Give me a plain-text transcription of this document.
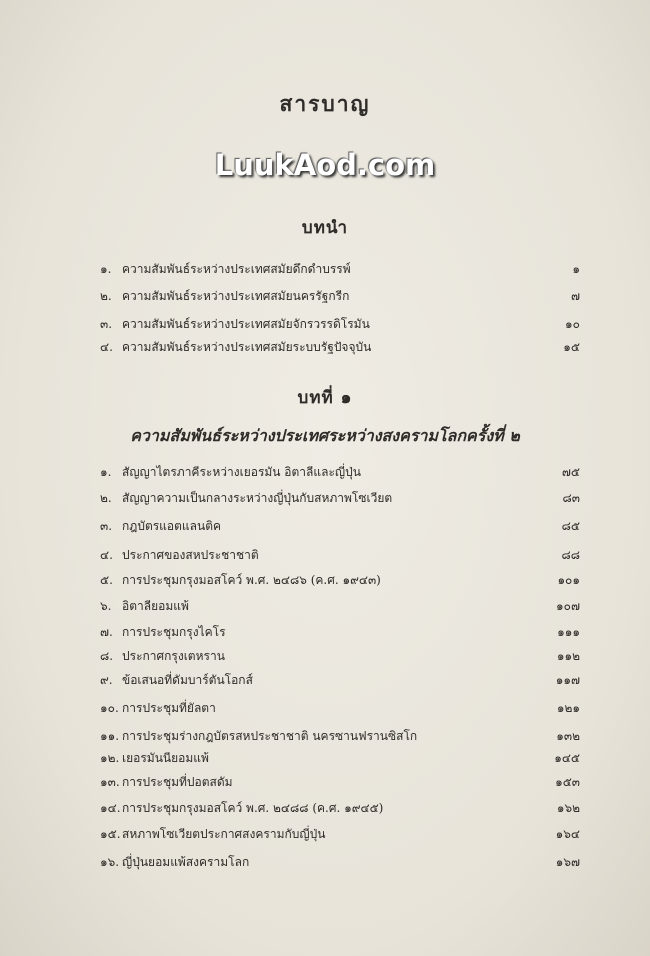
สารบาญ
LuukAod.com
บทนำ
๑. ความสัมพันธ์ระหว่างประเทศสมัยดึกดำบรรพ์	๑
๒. ความสัมพันธ์ระหว่างประเทศสมัยนครรัฐกรีก	๗
๓. ความสัมพันธ์ระหว่างประเทศสมัยจักรวรรดิโรมัน	๑๐
๔. ความสัมพันธ์ระหว่างประเทศสมัยระบบรัฐปัจจุบัน	๑๕
บทที่ ๑
ความสัมพันธ์ระหว่างประเทศระหว่างสงครามโลกครั้งที่ ๒
๑. สัญญาไตรภาคีระหว่างเยอรมัน อิตาลีและญี่ปุ่น	๗๕
๒. สัญญาความเป็นกลางระหว่างญี่ปุ่นกับสหภาพโซเวียต	๘๓
๓. กฎบัตรแอตแลนติค	๘๕
๔. ประกาศของสหประชาชาติ	๘๘
๕. การประชุมกรุงมอสโคว์ พ.ศ. ๒๔๘๖ (ค.ศ. ๑๙๔๓)	๑๐๑
๖. อิตาลียอมแพ้	๑๐๗
๗. การประชุมกรุงไคโร	๑๑๑
๘. ประกาศกรุงเตหราน	๑๑๒
๙. ข้อเสนอที่ดัมบาร์ตันโอกส์	๑๑๗
๑๐. การประชุมที่ยัลตา	๑๒๑
๑๑. การประชุมร่างกฎบัตรสหประชาชาติ นครซานฟรานซิสโก	๑๓๒
๑๒. เยอรมันนียอมแพ้	๑๔๕
๑๓. การประชุมที่ปอตสดัม	๑๕๓
๑๔. การประชุมกรุงมอสโคว์ พ.ศ. ๒๔๘๘ (ค.ศ. ๑๙๔๕)	๑๖๒
๑๕. สหภาพโซเวียตประกาศสงครามกับญี่ปุ่น	๑๖๔
๑๖. ญี่ปุ่นยอมแพ้สงครามโลก	๑๖๗
